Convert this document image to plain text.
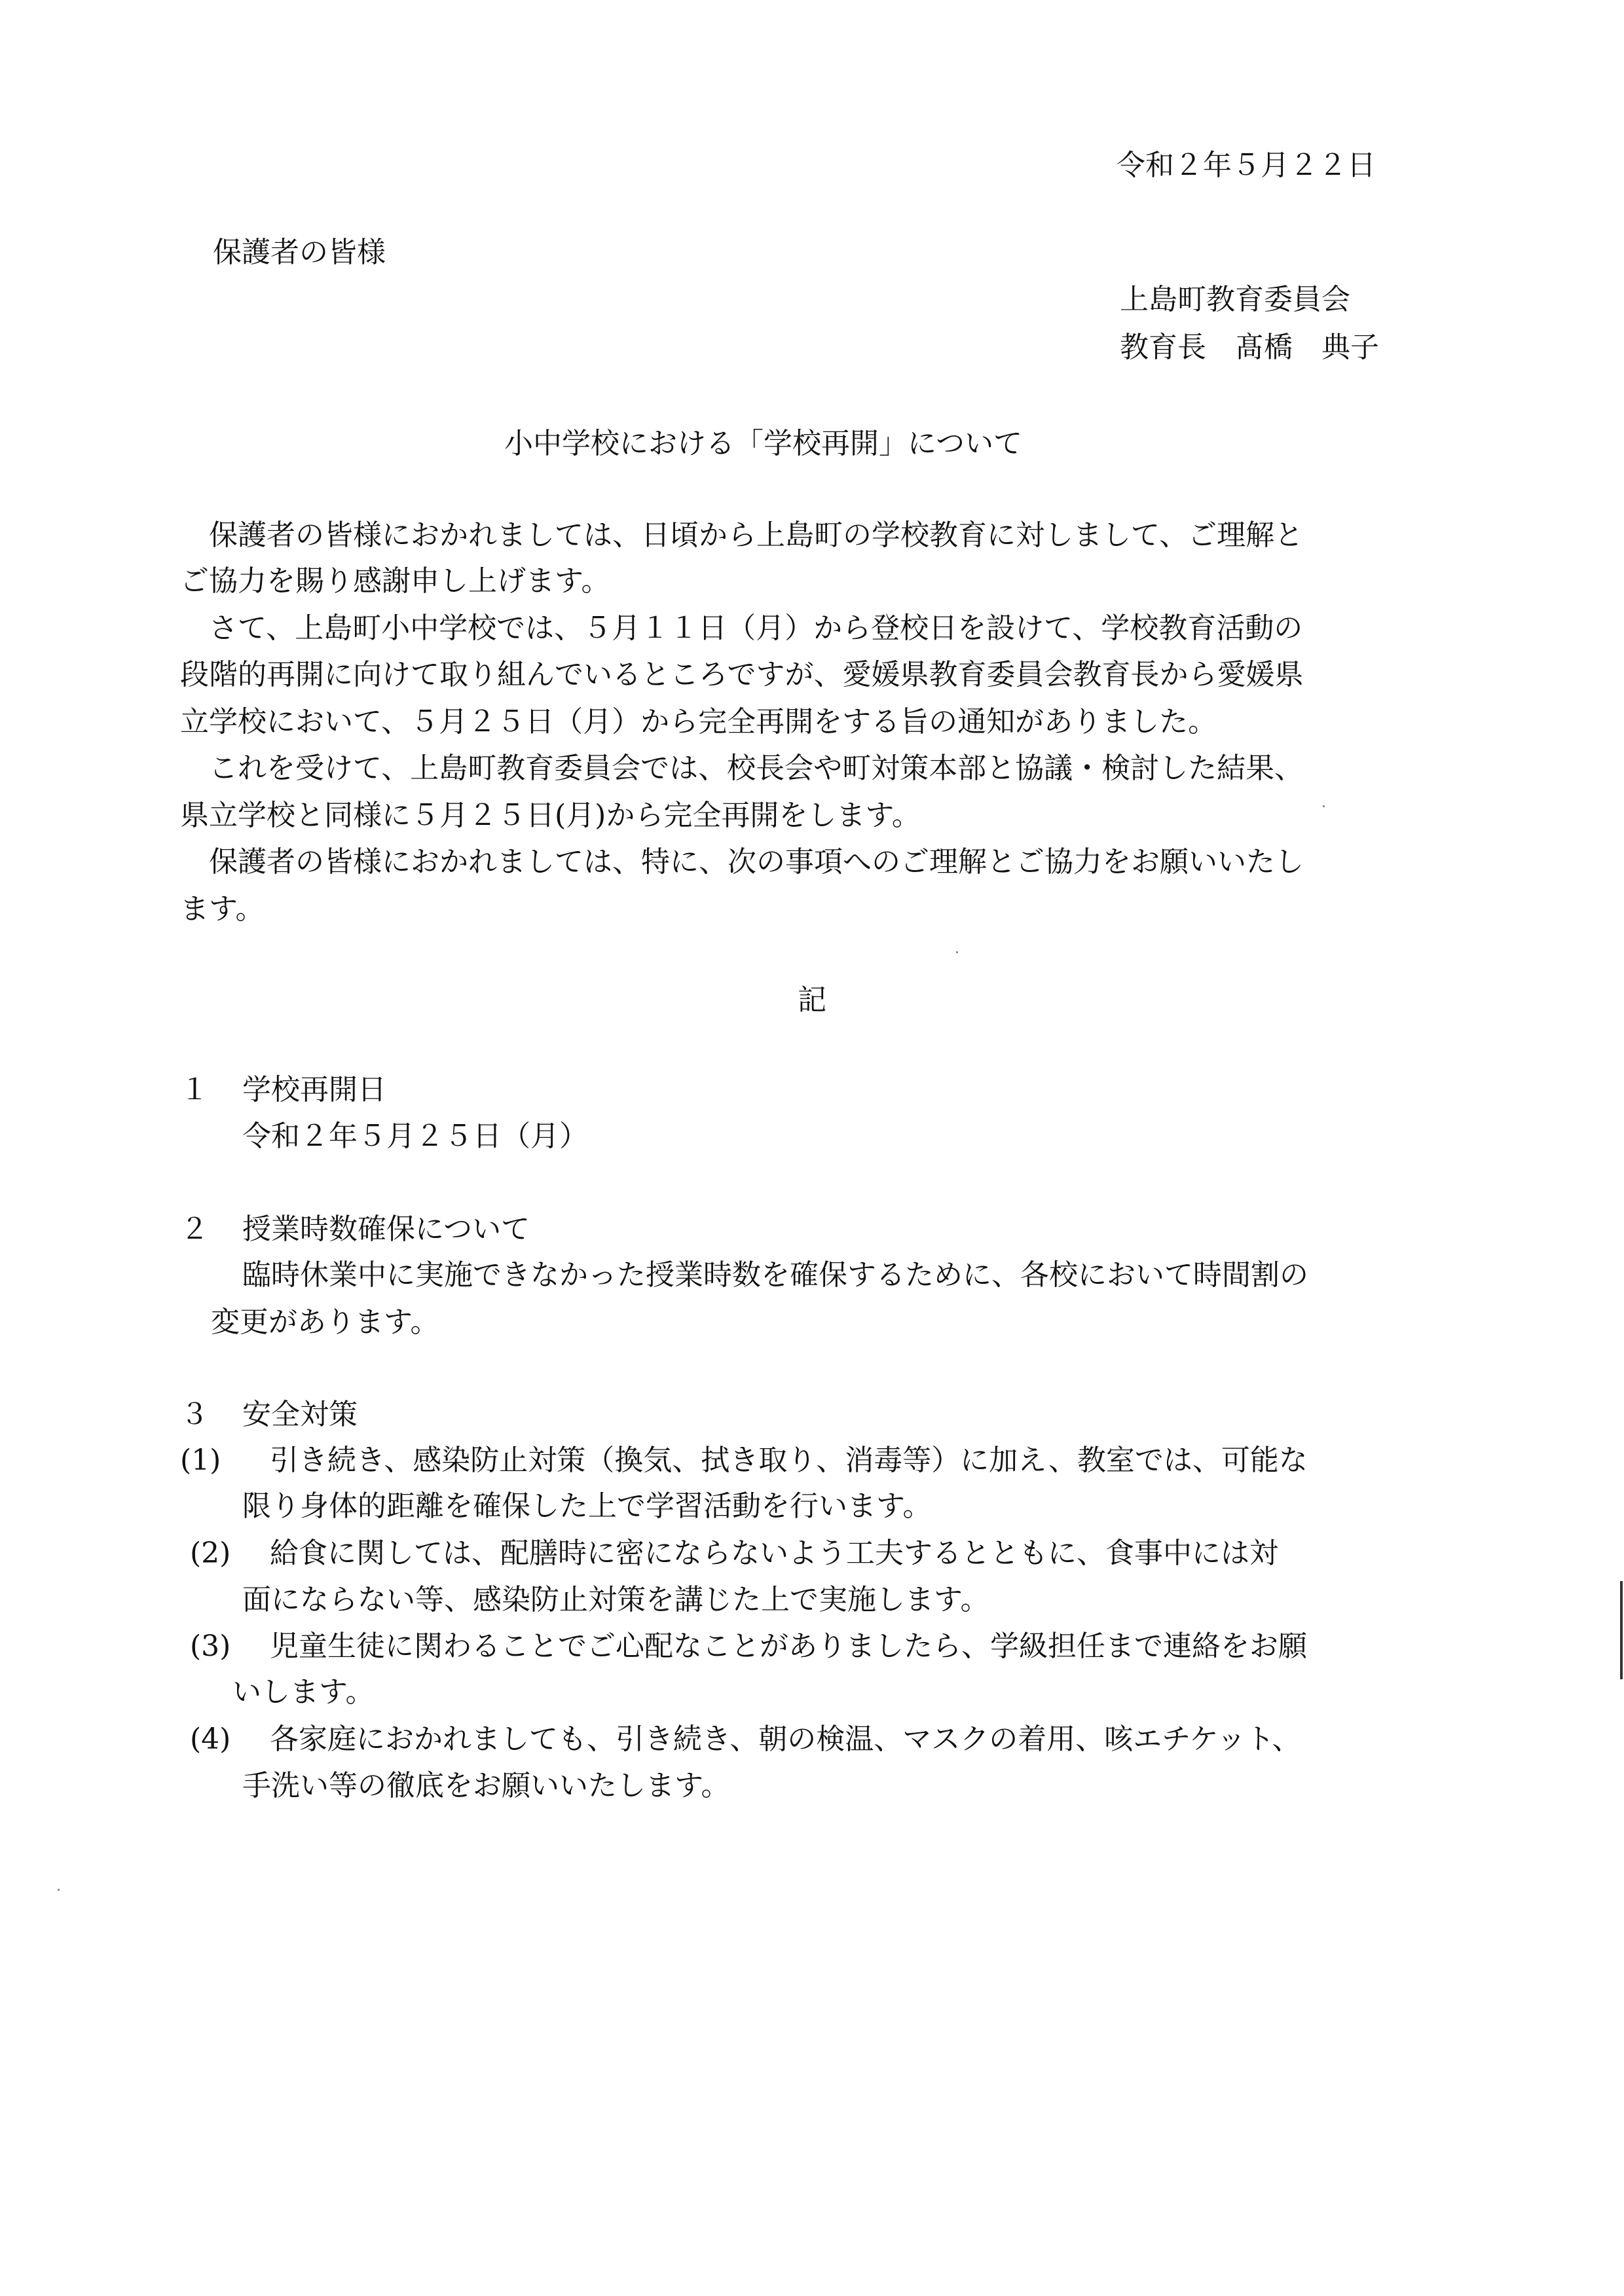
令和２年５月２２日
保護者の皆様
上島町教育委員会
教育長　髙橋　典子
小中学校における「学校再開」について
　保護者の皆様におかれましては、日頃から上島町の学校教育に対しまして、ご理解と
ご協力を賜り感謝申し上げます。
　さて、上島町小中学校では、５月１１日（月）から登校日を設けて、学校教育活動の
段階的再開に向けて取り組んでいるところですが、愛媛県教育委員会教育長から愛媛県
立学校において、５月２５日（月）から完全再開をする旨の通知がありました。
　これを受けて、上島町教育委員会では、校長会や町対策本部と協議・検討した結果、
県立学校と同様に５月２５日(月)から完全再開をします。
　保護者の皆様におかれましては、特に、次の事項へのご理解とご協力をお願いいたし
ます。
記
１ 学校再開日
令和２年５月２５日（月）
２ 授業時数確保について
臨時休業中に実施できなかった授業時数を確保するために、各校において時間割の
変更があります。
３ 安全対策
(1) 引き続き、感染防止対策（換気、拭き取り、消毒等）に加え、教室では、可能な
限り身体的距離を確保した上で学習活動を行います。
(2) 給食に関しては、配膳時に密にならないよう工夫するとともに、食事中には対
面にならない等、感染防止対策を講じた上で実施します。
(3) 児童生徒に関わることでご心配なことがありましたら、学級担任まで連絡をお願
いします。
(4) 各家庭におかれましても、引き続き、朝の検温、マスクの着用、咳エチケット、
手洗い等の徹底をお願いいたします。
